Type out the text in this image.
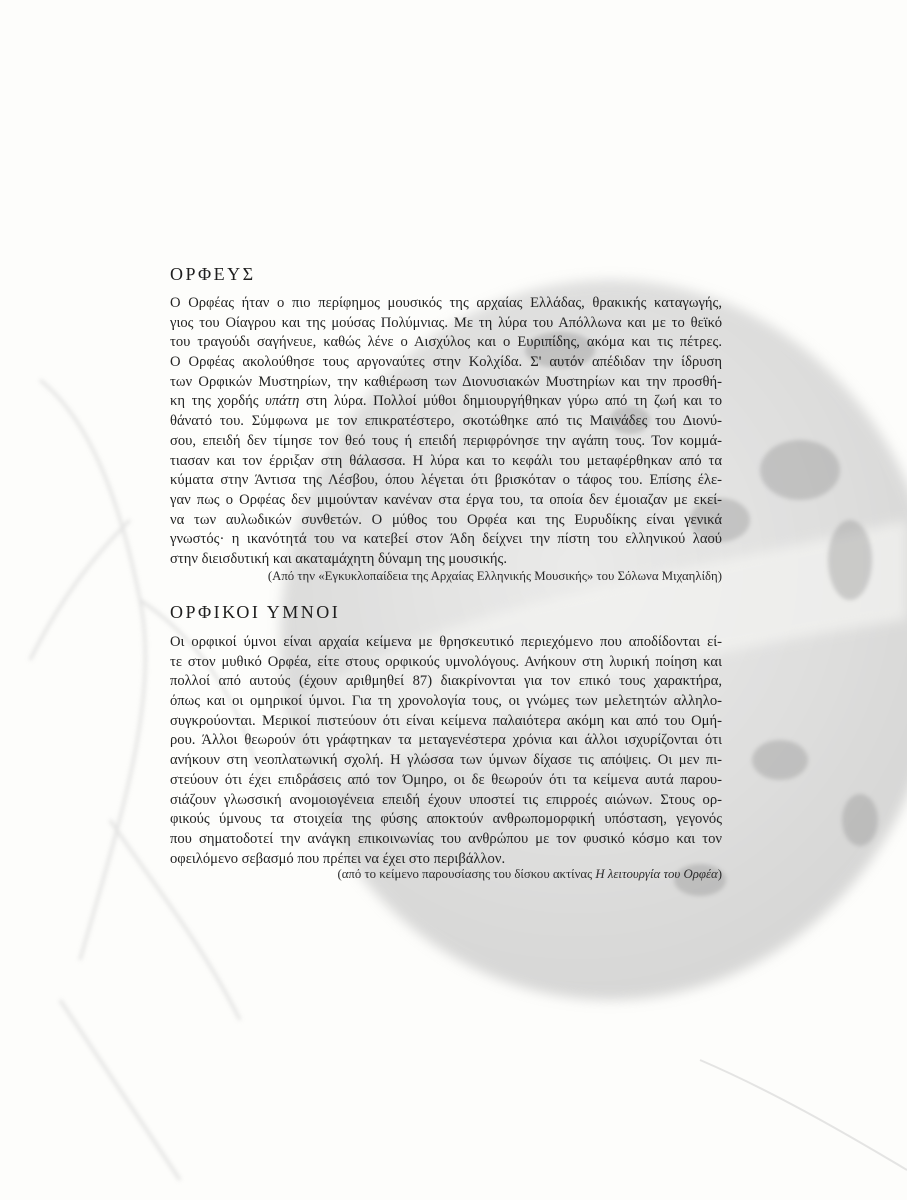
ΟΡΦΕΥΣ
Ο Ορφέας ήταν ο πιο περίφημος μουσικός της αρχαίας Ελλάδας, θρακικής καταγωγής,
γιος του Οίαγρου και της μούσας Πολύμνιας. Με τη λύρα του Απόλλωνα και με το θεϊκό
του τραγούδι σαγήνευε, καθώς λένε ο Αισχύλος και ο Ευριπίδης, ακόμα και τις πέτρες.
Ο Ορφέας ακολούθησε τους αργοναύτες στην Κολχίδα. Σ' αυτόν απέδιδαν την ίδρυση
των Ορφικών Μυστηρίων, την καθιέρωση των Διονυσιακών Μυστηρίων και την προσθή-
κη της χορδής υπάτη στη λύρα. Πολλοί μύθοι δημιουργήθηκαν γύρω από τη ζωή και το
θάνατό του. Σύμφωνα με τον επικρατέστερο, σκοτώθηκε από τις Μαινάδες του Διονύ-
σου, επειδή δεν τίμησε τον θεό τους ή επειδή περιφρόνησε την αγάπη τους. Τον κομμά-
τιασαν και τον έρριξαν στη θάλασσα. Η λύρα και το κεφάλι του μεταφέρθηκαν από τα
κύματα στην Άντισα της Λέσβου, όπου λέγεται ότι βρισκόταν ο τάφος του. Επίσης έλε-
γαν πως ο Ορφέας δεν μιμούνταν κανέναν στα έργα του, τα οποία δεν έμοιαζαν με εκεί-
να των αυλωδικών συνθετών. Ο μύθος του Ορφέα και της Ευρυδίκης είναι γενικά
γνωστός· η ικανότητά του να κατεβεί στον Άδη δείχνει την πίστη του ελληνικού λαού
στην διεισδυτική και ακαταμάχητη δύναμη της μουσικής.
(Από την «Εγκυκλοπαίδεια της Αρχαίας Ελληνικής Μουσικής» του Σόλωνα Μιχαηλίδη)
ΟΡΦΙΚΟΙ ΥΜΝΟΙ
Οι ορφικοί ύμνοι είναι αρχαία κείμενα με θρησκευτικό περιεχόμενο που αποδίδονται εί-
τε στον μυθικό Ορφέα, είτε στους ορφικούς υμνολόγους. Ανήκουν στη λυρική ποίηση και
πολλοί από αυτούς (έχουν αριθμηθεί 87) διακρίνονται για τον επικό τους χαρακτήρα,
όπως και οι ομηρικοί ύμνοι. Για τη χρονολογία τους, οι γνώμες των μελετητών αλληλο-
συγκρούονται. Μερικοί πιστεύουν ότι είναι κείμενα παλαιότερα ακόμη και από του Ομή-
ρου. Άλλοι θεωρούν ότι γράφτηκαν τα μεταγενέστερα χρόνια και άλλοι ισχυρίζονται ότι
ανήκουν στη νεοπλατωνική σχολή. Η γλώσσα των ύμνων δίχασε τις απόψεις. Οι μεν πι-
στεύουν ότι έχει επιδράσεις από τον Όμηρο, οι δε θεωρούν ότι τα κείμενα αυτά παρου-
σιάζουν γλωσσική ανομοιογένεια επειδή έχουν υποστεί τις επιρροές αιώνων. Στους ορ-
φικούς ύμνους τα στοιχεία της φύσης αποκτούν ανθρωπομορφική υπόσταση, γεγονός
που σηματοδοτεί την ανάγκη επικοινωνίας του ανθρώπου με τον φυσικό κόσμο και τον
οφειλόμενο σεβασμό που πρέπει να έχει στο περιβάλλον.
(από το κείμενο παρουσίασης του δίσκου ακτίνας Η λειτουργία του Ορφέα)
